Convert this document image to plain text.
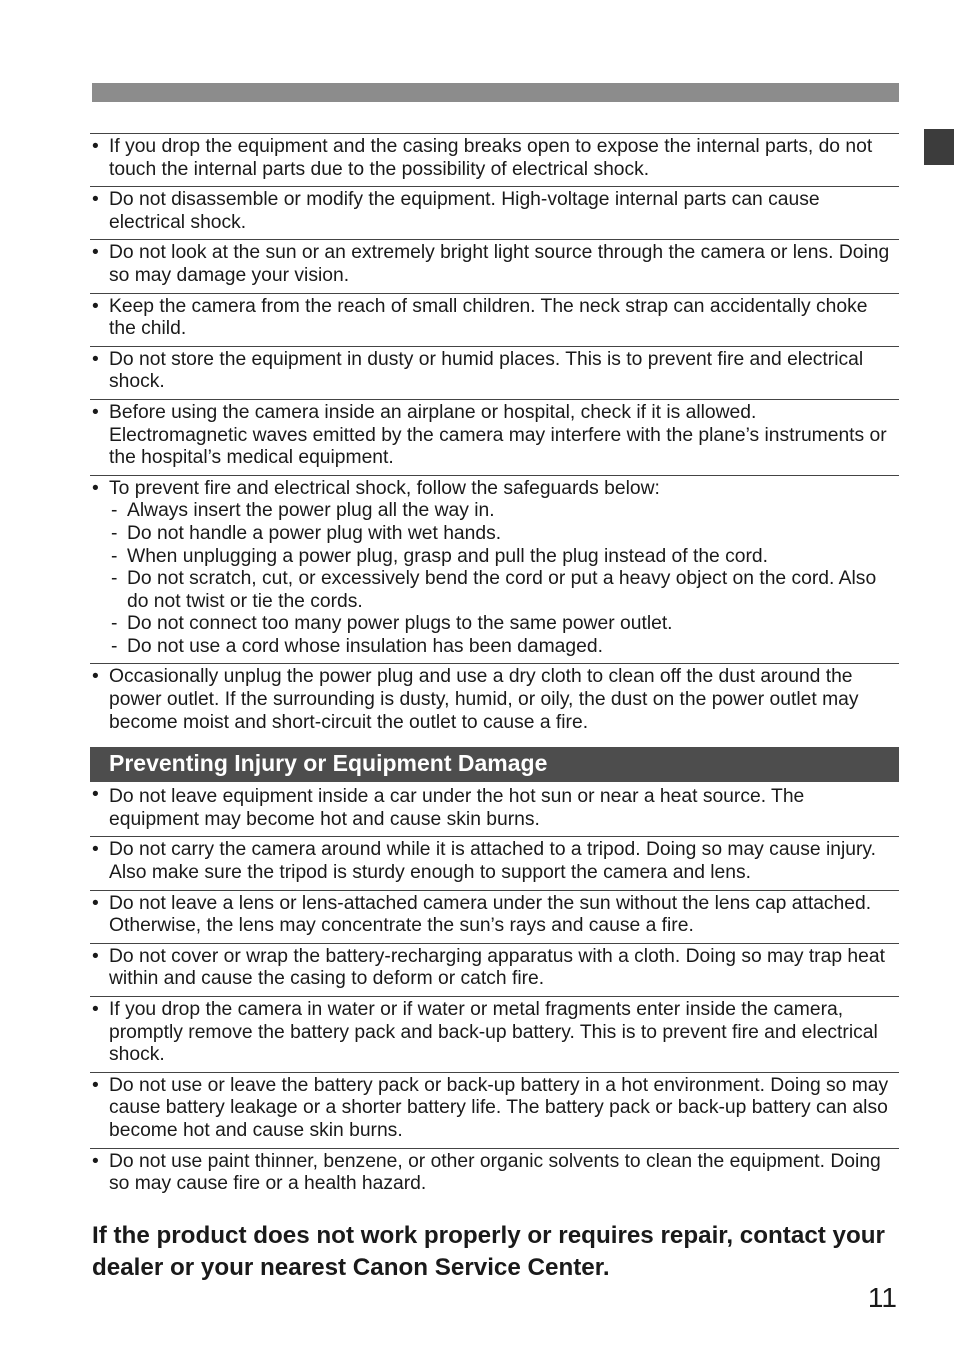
• If you drop the equipment and the casing breaks open to expose the internal parts, do not touch the internal parts due to the possibility of electrical shock.
• Do not disassemble or modify the equipment. High-voltage internal parts can cause electrical shock.
• Do not look at the sun or an extremely bright light source through the camera or lens. Doing so may damage your vision.
• Keep the camera from the reach of small children. The neck strap can accidentally choke the child.
• Do not store the equipment in dusty or humid places. This is to prevent fire and electrical shock.
• Before using the camera inside an airplane or hospital, check if it is allowed. Electromagnetic waves emitted by the camera may interfere with the plane’s instruments or the hospital’s medical equipment.
• To prevent fire and electrical shock, follow the safeguards below:
- Always insert the power plug all the way in.
- Do not handle a power plug with wet hands.
- When unplugging a power plug, grasp and pull the plug instead of the cord.
- Do not scratch, cut, or excessively bend the cord or put a heavy object on the cord. Also do not twist or tie the cords.
- Do not connect too many power plugs to the same power outlet.
- Do not use a cord whose insulation has been damaged.
• Occasionally unplug the power plug and use a dry cloth to clean off the dust around the power outlet. If the surrounding is dusty, humid, or oily, the dust on the power outlet may become moist and short-circuit the outlet to cause a fire.
Preventing Injury or Equipment Damage
• Do not leave equipment inside a car under the hot sun or near a heat source. The equipment may become hot and cause skin burns.
• Do not carry the camera around while it is attached to a tripod. Doing so may cause injury. Also make sure the tripod is sturdy enough to support the camera and lens.
• Do not leave a lens or lens-attached camera under the sun without the lens cap attached. Otherwise, the lens may concentrate the sun’s rays and cause a fire.
• Do not cover or wrap the battery-recharging apparatus with a cloth. Doing so may trap heat within and cause the casing to deform or catch fire.
• If you drop the camera in water or if water or metal fragments enter inside the camera, promptly remove the battery pack and back-up battery. This is to prevent fire and electrical shock.
• Do not use or leave the battery pack or back-up battery in a hot environment. Doing so may cause battery leakage or a shorter battery life. The battery pack or back-up battery can also become hot and cause skin burns.
• Do not use paint thinner, benzene, or other organic solvents to clean the equipment. Doing so may cause fire or a health hazard.
If the product does not work properly or requires repair, contact your dealer or your nearest Canon Service Center.
11
